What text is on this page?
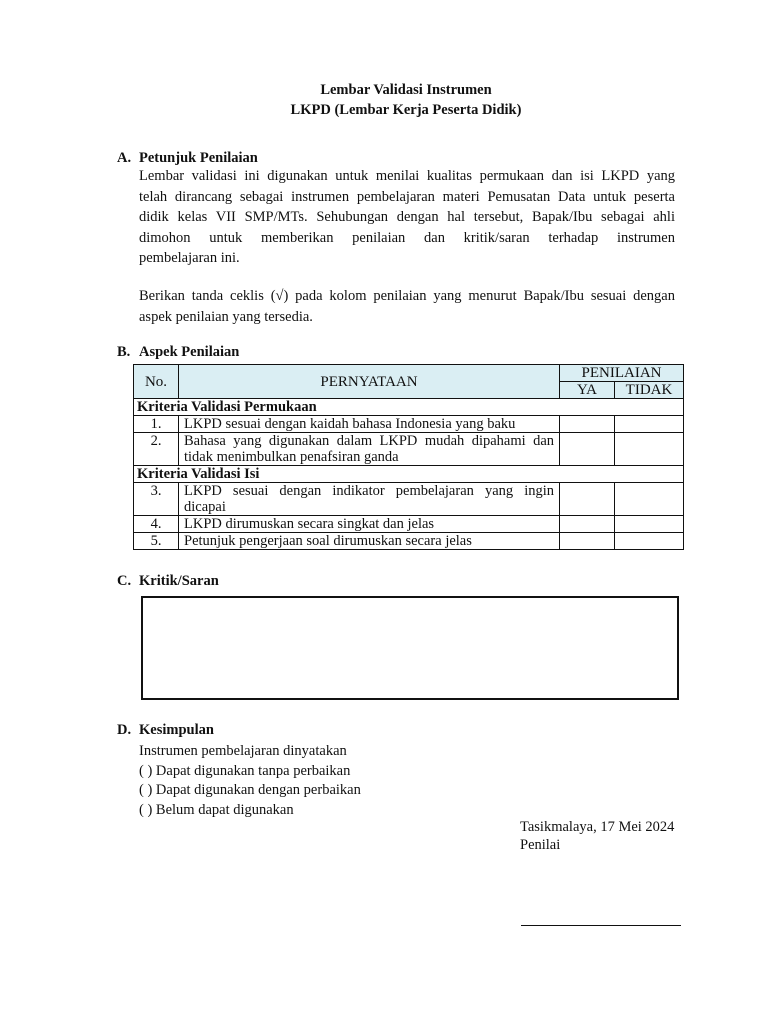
Lembar Validasi Instrumen
LKPD (Lembar Kerja Peserta Didik)
A. Petunjuk Penilaian
Lembar validasi ini digunakan untuk menilai kualitas permukaan dan isi LKPD yang
telah dirancang sebagai instrumen pembelajaran materi Pemusatan Data untuk peserta
didik kelas VII SMP/MTs. Sehubungan dengan hal tersebut, Bapak/Ibu sebagai ahli
dimohon untuk memberikan penilaian dan kritik/saran terhadap instrumen
pembelajaran ini.
Berikan tanda ceklis (√) pada kolom penilaian yang menurut Bapak/Ibu sesuai dengan
aspek penilaian yang tersedia.
B. Aspek Penilaian
No.	PERNYATAAN	PENILAIAN	
		YA	TIDAK
Kriteria Validasi Permukaan			
1.	LKPD sesuai dengan kaidah bahasa Indonesia yang baku		
2.	Bahasa yang digunakan dalam LKPD mudah dipahami dan
tidak menimbulkan penafsiran ganda		

Kriteria Validasi Isi			
3.	LKPD sesuai dengan indikator pembelajaran yang ingin
dicapai		

4.	LKPD dirumuskan secara singkat dan jelas		
5.	Petunjuk pengerjaan soal dirumuskan secara jelas		
C. Kritik/Saran
D. Kesimpulan
Instrumen pembelajaran dinyatakan
( ) Dapat digunakan tanpa perbaikan
( ) Dapat digunakan dengan perbaikan
( ) Belum dapat digunakan
Tasikmalaya, 17 Mei 2024
Penilai
